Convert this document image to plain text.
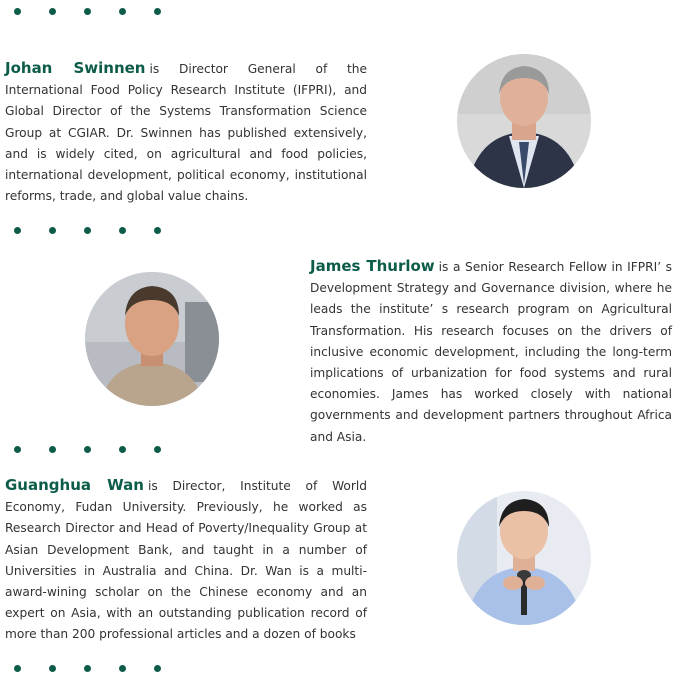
Johan Swinnen is Director General of the International Food Policy Research Institute (IFPRI), and Global Director of the Systems Transformation Science Group at CGIAR. Dr. Swinnen has published extensively, and is widely cited, on agricultural and food policies, international development, political economy, institutional reforms, trade, and global value chains.

James Thurlow is a Senior Research Fellow in IFPRI’ s Development Strategy and Governance division, where he leads the institute’ s research program on Agricultural Transformation. His research focuses on the drivers of inclusive economic development, including the long-term implications of urbanization for food systems and rural economies. James has worked closely with national governments and development partners throughout Africa and Asia.

Guanghua Wan is Director, Institute of World Economy, Fudan University. Previously, he worked as Research Director and Head of Poverty/Inequality Group at Asian Development Bank, and taught in a number of Universities in Australia and China. Dr. Wan is a multi-award-wining scholar on the Chinese economy and an expert on Asia, with an outstanding publication record of more than 200 professional articles and a dozen of books
